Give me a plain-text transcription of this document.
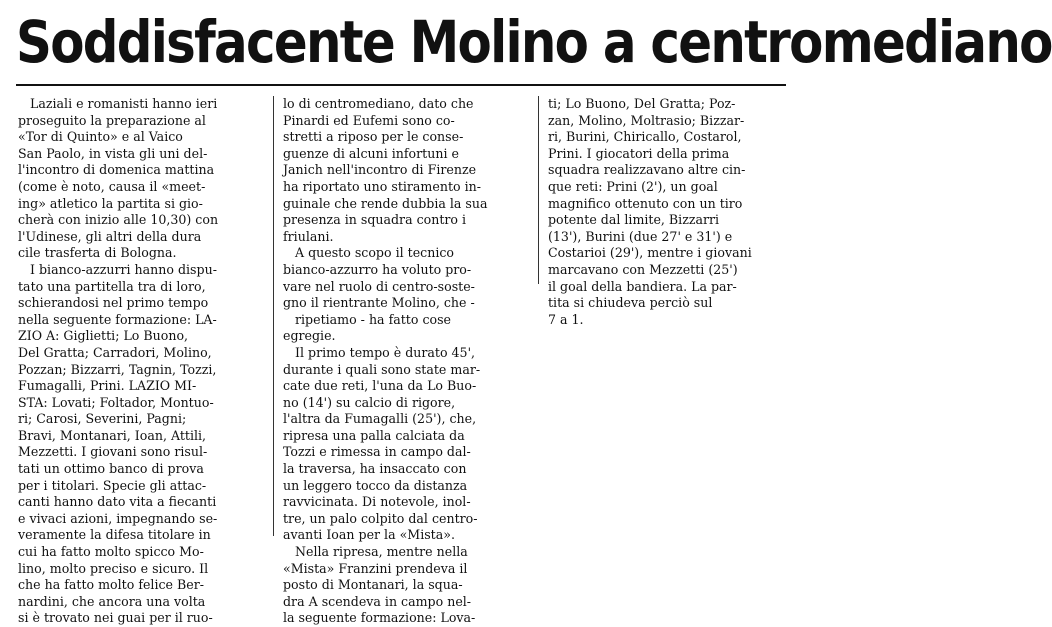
Soddisfacente Molino a centromediano
Laziali e romanisti hanno ieri
proseguito la preparazione al
«Tor di Quinto» e al Vaico
San Paolo, in vista gli uni del-
l'incontro di domenica mattina
(come è noto, causa il «meet-
ing» atletico la partita si gio-
cherà con inizio alle 10,30) con
l'Udinese, gli altri della dura
cile trasferta di Bologna.
I bianco-azzurri hanno dispu-
tato una partitella tra di loro,
schierandosi nel primo tempo
nella seguente formazione: LA-
ZIO A: Giglietti; Lo Buono,
Del Gratta; Carradori, Molino,
Pozzan; Bizzarri, Tagnin, Tozzi,
Fumagalli, Prini. LAZIO MI-
STA: Lovati; Foltador, Montuo-
ri; Carosi, Severini, Pagni;
Bravi, Montanari, Ioan, Attili,
Mezzetti. I giovani sono risul-
tati un ottimo banco di prova
per i titolari. Specie gli attac-
canti hanno dato vita a fiecanti
e vivaci azioni, impegnando se-
veramente la difesa titolare in
cui ha fatto molto spicco Mo-
lino, molto preciso e sicuro. Il
che ha fatto molto felice Ber-
nardini, che ancora una volta
si è trovato nei guai per il ruo-
lo di centromediano, dato che
Pinardi ed Eufemi sono co-
stretti a riposo per le conse-
guenze di alcuni infortuni e
Janich nell'incontro di Firenze
ha riportato uno stiramento in-
guinale che rende dubbia la sua
presenza in squadra contro i
friulani.
A questo scopo il tecnico
bianco-azzurro ha voluto pro-
vare nel ruolo di centro-soste-
gno il rientrante Molino, che -
ripetiamo - ha fatto cose
egregie.
Il primo tempo è durato 45',
durante i quali sono state mar-
cate due reti, l'una da Lo Buo-
no (14') su calcio di rigore,
l'altra da Fumagalli (25'), che,
ripresa una palla calciata da
Tozzi e rimessa in campo dal-
la traversa, ha insaccato con
un leggero tocco da distanza
ravvicinata. Di notevole, inol-
tre, un palo colpito dal centro-
avanti Ioan per la «Mista».
Nella ripresa, mentre nella
«Mista» Franzini prendeva il
posto di Montanari, la squa-
dra A scendeva in campo nel-
la seguente formazione: Lova-
ti; Lo Buono, Del Gratta; Poz-
zan, Molino, Moltrasio; Bizzar-
ri, Burini, Chiricallo, Costarol,
Prini. I giocatori della prima
squadra realizzavano altre cin-
que reti: Prini (2'), un goal
magnifico ottenuto con un tiro
potente dal limite, Bizzarri
(13'), Burini (due 27' e 31') e
Costarioi (29'), mentre i giovani
marcavano con Mezzetti (25')
il goal della bandiera. La par-
tita si chiudeva perciò sul
7 a 1.
